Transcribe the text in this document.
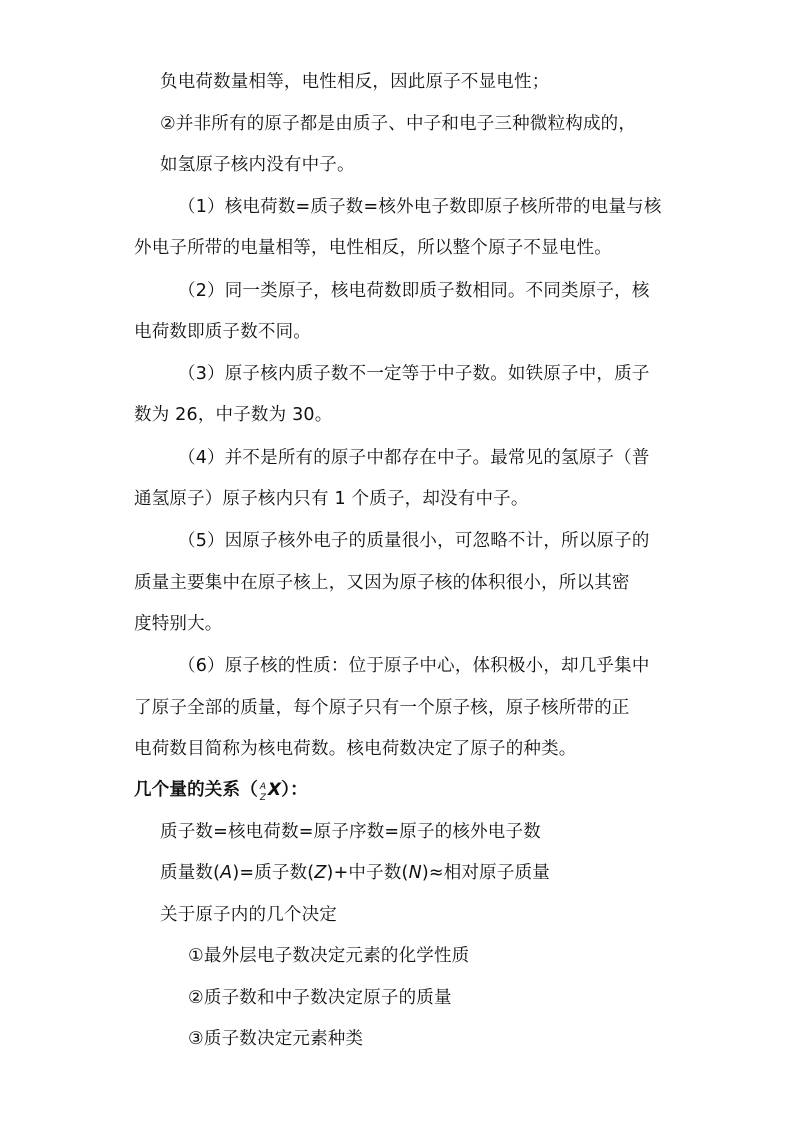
负电荷数量相等，电性相反，因此原子不显电性；
②并非所有的原子都是由质子、中子和电子三种微粒构成的，
如氢原子核内没有中子。
（1）核电荷数=质子数=核外电子数即原子核所带的电量与核
外电子所带的电量相等，电性相反，所以整个原子不显电性。
（2）同一类原子，核电荷数即质子数相同。不同类原子，核
电荷数即质子数不同。
（3）原子核内质子数不一定等于中子数。如铁原子中，质子
数为 26，中子数为 30。
（4）并不是所有的原子中都存在中子。最常见的氢原子（普
通氢原子）原子核内只有 1 个质子，却没有中子。
（5）因原子核外电子的质量很小，可忽略不计，所以原子的
质量主要集中在原子核上，又因为原子核的体积很小，所以其密
度特别大。
（6）原子核的性质：位于原子中心，体积极小，却几乎集中
了原子全部的质量，每个原子只有一个原子核，原子核所带的正
电荷数目简称为核电荷数。核电荷数决定了原子的种类。
几个量的关系（ A
Z X）：
质子数=核电荷数=原子序数=原子的核外电子数
质量数(A)=质子数(Z)+中子数(N)≈相对原子质量
关于原子内的几个决定
①最外层电子数决定元素的化学性质
②质子数和中子数决定原子的质量
③质子数决定元素种类
